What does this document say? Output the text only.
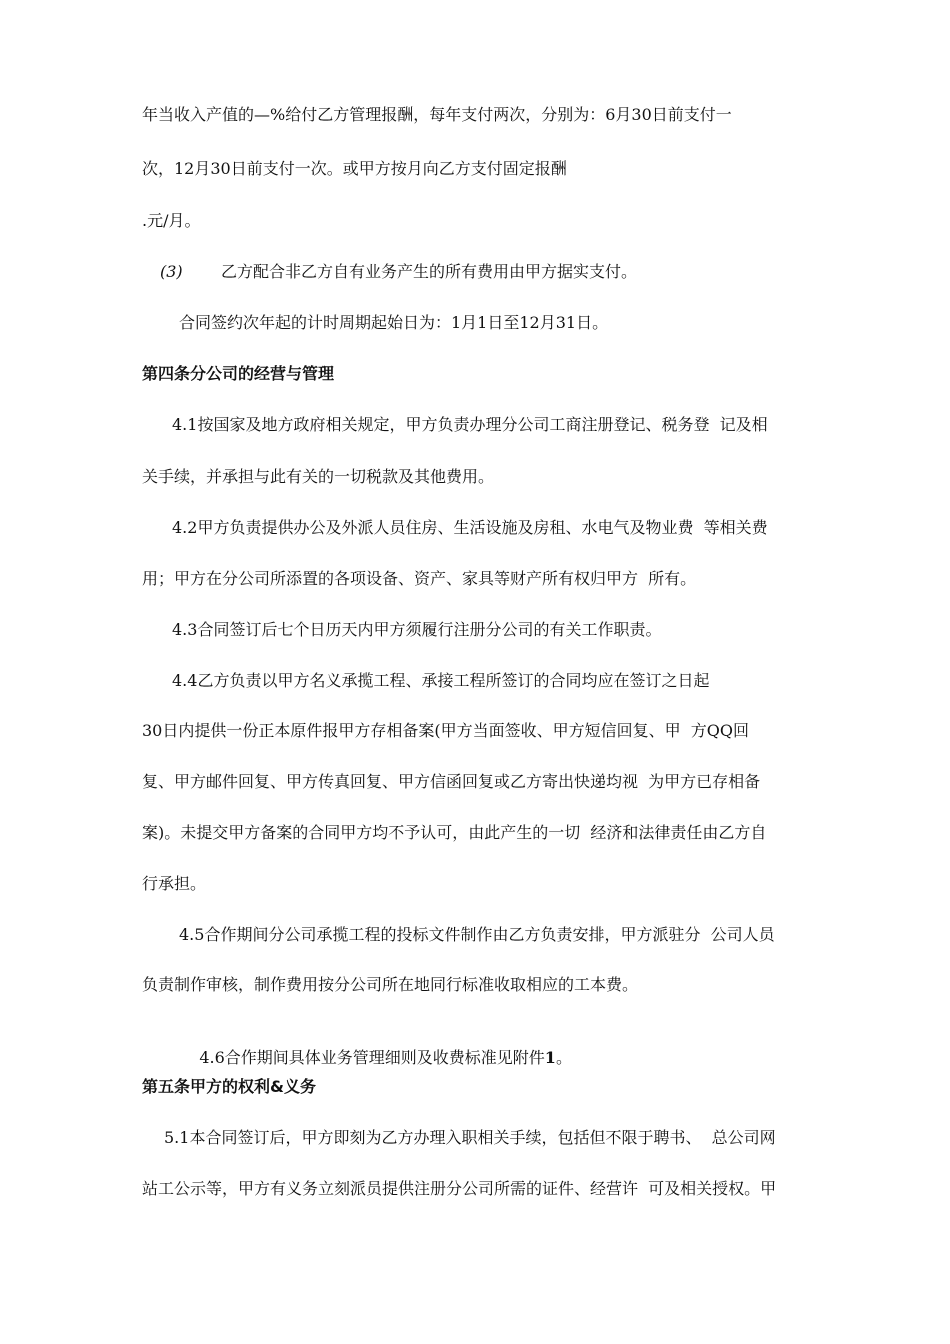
年当收入产值的—%给付乙方管理报酬，每年支付两次，分别为：6月30日前支付一
次，12月30日前支付一次。或甲方按月向乙方支付固定报酬
.元/月。
(3) 乙方配合非乙方自有业务产生的所有费用由甲方据实支付。
合同签约次年起的计时周期起始日为：1月1日至12月31日。
第四条分公司的经营与管理
4.1按国家及地方政府相关规定，甲方负责办理分公司工商注册登记、税务登  记及相
关手续，并承担与此有关的一切税款及其他费用。
4.2甲方负责提供办公及外派人员住房、生活设施及房租、水电气及物业费  等相关费
用；甲方在分公司所添置的各项设备、资产、家具等财产所有权归甲方  所有。
4.3合同签订后七个日历天内甲方须履行注册分公司的有关工作职责。
4.4乙方负责以甲方名义承揽工程、承接工程所签订的合同均应在签订之日起
30日内提供一份正本原件报甲方存相备案(甲方当面签收、甲方短信回复、甲  方QQ回
复、甲方邮件回复、甲方传真回复、甲方信函回复或乙方寄出快递均视  为甲方已存相备
案)。未提交甲方备案的合同甲方均不予认可，由此产生的一切  经济和法律责任由乙方自
行承担。
4.5合作期间分公司承揽工程的投标文件制作由乙方负责安排，甲方派驻分  公司人员
负责制作审核，制作费用按分公司所在地同行标准收取相应的工本费。

4.6合作期间具体业务管理细则及收费标准见附件1。

第五条甲方的权利&义务
5.1本合同签订后，甲方即刻为乙方办理入职相关手续，包括但不限于聘书、  总公司网
站工公示等，甲方有义务立刻派员提供注册分公司所需的证件、经营许  可及相关授权。甲
